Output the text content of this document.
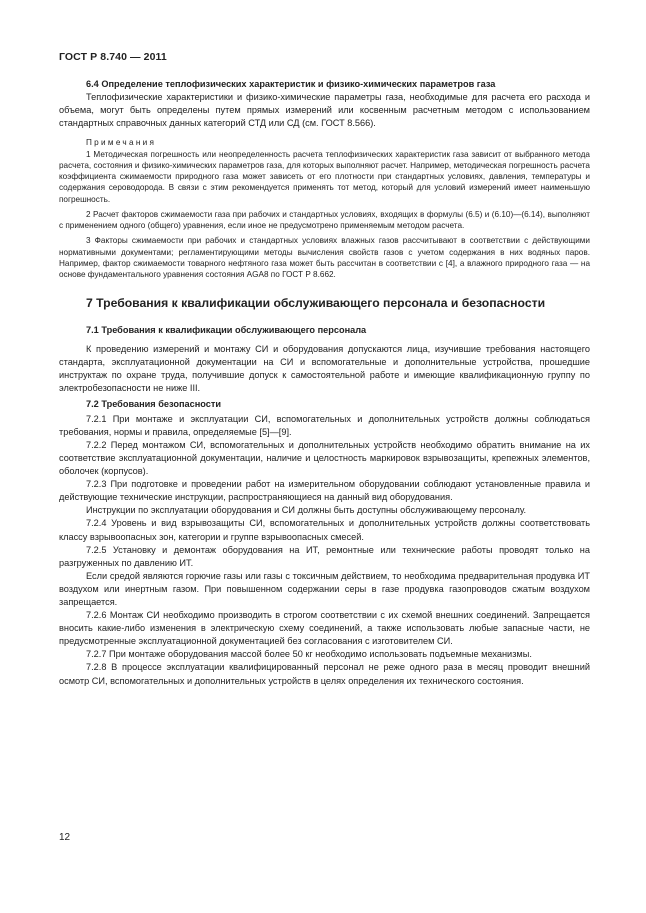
ГОСТ Р 8.740 — 2011

6.4 Определение теплофизических характеристик и физико-химических параметров газа

Теплофизические характеристики и физико-химические параметры газа, необходимые для расчета его расхода и объема, могут быть определены путем прямых измерений или косвенным расчетным методом с использованием стандартных справочных данных категорий СТД или СД (см. ГОСТ 8.566).

Примечания

1 Методическая погрешность или неопределенность расчета теплофизических характеристик газа зависит от выбранного метода расчета, состояния и физико-химических параметров газа, для которых выполняют расчет. Например, методическая погрешность расчета коэффициента сжимаемости природного газа может зависеть от его плотности при стандартных условиях, давления, температуры и содержания сероводорода. В связи с этим рекомендуется применять тот метод, который для условий измерений имеет наименьшую погрешность.

2 Расчет факторов сжимаемости газа при рабочих и стандартных условиях, входящих в формулы (6.5) и (6.10)—(6.14), выполняют с применением одного (общего) уравнения, если иное не предусмотрено применяемым методом расчета.

3 Факторы сжимаемости при рабочих и стандартных условиях влажных газов рассчитывают в соответствии с действующими нормативными документами; регламентирующими методы вычисления свойств газов с учетом содержания в них водяных паров. Например, фактор сжимаемости товарного нефтяного газа может быть рассчитан в соответствии с [4], а влажного природного газа — на основе фундаментального уравнения состояния AGA8 по ГОСТ Р 8.662.

7 Требования к квалификации обслуживающего персонала и безопасности

7.1 Требования к квалификации обслуживающего персонала

К проведению измерений и монтажу СИ и оборудования допускаются лица, изучившие требования настоящего стандарта, эксплуатационной документации на СИ и вспомогательные и дополнительные устройства, прошедшие инструктаж по охране труда, получившие допуск к самостоятельной работе и имеющие квалификационную группу по электробезопасности не ниже III.

7.2 Требования безопасности

7.2.1 При монтаже и эксплуатации СИ, вспомогательных и дополнительных устройств должны соблюдаться требования, нормы и правила, определяемые [5]—[9].

7.2.2 Перед монтажом СИ, вспомогательных и дополнительных устройств необходимо обратить внимание на их соответствие эксплуатационной документации, наличие и целостность маркировок взрывозащиты, крепежных элементов, оболочек (корпусов).

7.2.3 При подготовке и проведении работ на измерительном оборудовании соблюдают установленные правила и действующие технические инструкции, распространяющиеся на данный вид оборудования.

Инструкции по эксплуатации оборудования и СИ должны быть доступны обслуживающему персоналу.

7.2.4 Уровень и вид взрывозащиты СИ, вспомогательных и дополнительных устройств должны соответствовать классу взрывоопасных зон, категории и группе взрывоопасных смесей.

7.2.5 Установку и демонтаж оборудования на ИТ, ремонтные или технические работы проводят только на разгруженных по давлению ИТ.

Если средой являются горючие газы или газы с токсичным действием, то необходима предварительная продувка ИТ воздухом или инертным газом. При повышенном содержании серы в газе продувка газопроводов сжатым воздухом запрещается.

7.2.6 Монтаж СИ необходимо производить в строгом соответствии с их схемой внешних соединений. Запрещается вносить какие-либо изменения в электрическую схему соединений, а также использовать любые запасные части, не предусмотренные эксплуатационной документацией без согласования с изготовителем СИ.

7.2.7 При монтаже оборудования массой более 50 кг необходимо использовать подъемные механизмы.

7.2.8 В процессе эксплуатации квалифицированный персонал не реже одного раза в месяц проводит внешний осмотр СИ, вспомогательных и дополнительных устройств в целях определения их технического состояния.

12
